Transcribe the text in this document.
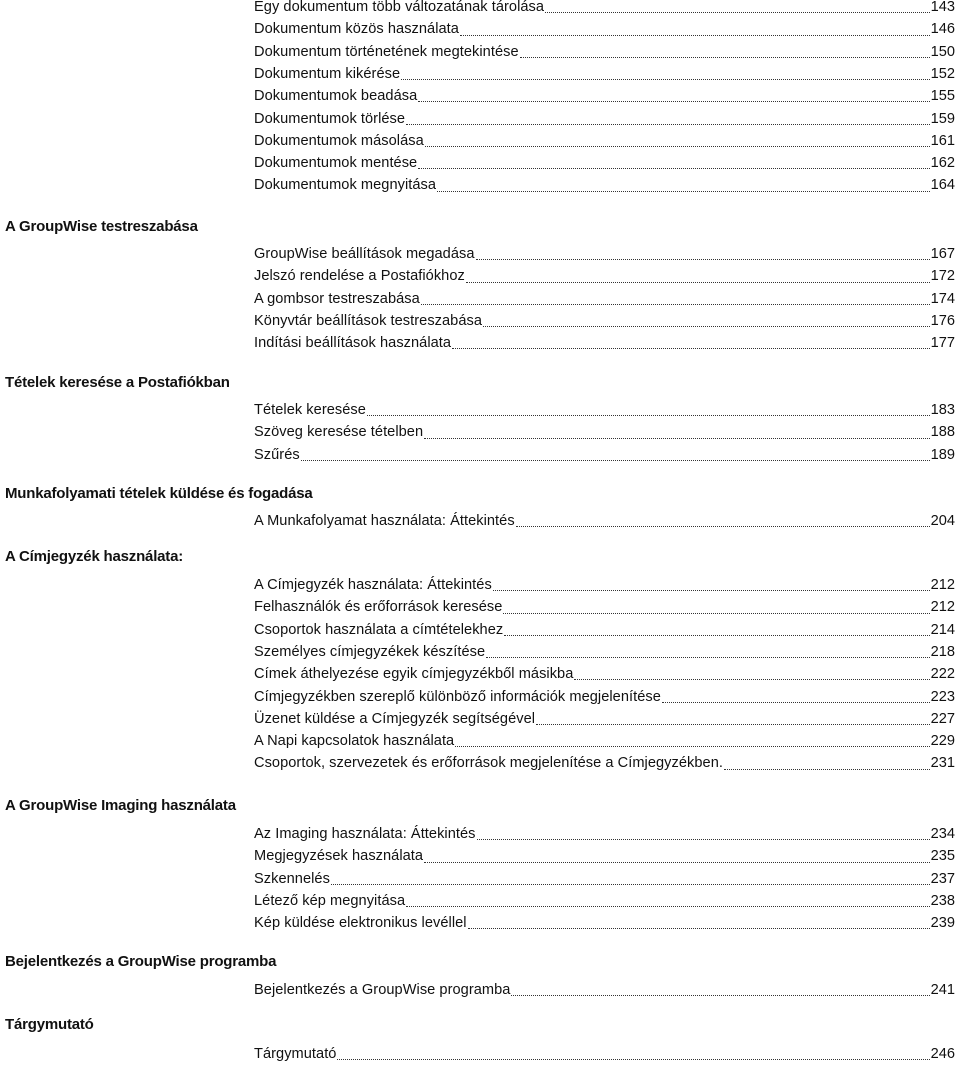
Egy dokumentum több változatának tárolása	143
Dokumentum közös használata	146
Dokumentum történetének megtekintése	150
Dokumentum kikérése	152
Dokumentumok beadása	155
Dokumentumok törlése	159
Dokumentumok másolása	161
Dokumentumok mentése	162
Dokumentumok megnyitása	164
A GroupWise testreszabása
GroupWise beállítások megadása	167
Jelszó rendelése a Postafiókhoz	172
A gombsor testreszabása	174
Könyvtár beállítások testreszabása	176
Indítási beállítások használata	177
Tételek keresése a Postafiókban
Tételek keresése	183
Szöveg keresése tételben	188
Szűrés	189
Munkafolyamati tételek küldése és fogadása
A Munkafolyamat használata: Áttekintés	204
A Címjegyzék használata:
A Címjegyzék használata: Áttekintés	212
Felhasználók és erőforrások keresése	212
Csoportok használata a címtételekhez	214
Személyes címjegyzékek készítése	218
Címek áthelyezése egyik címjegyzékből másikba	222
Címjegyzékben szereplő különböző információk megjelenítése	223
Üzenet küldése a Címjegyzék segítségével	227
A Napi kapcsolatok használata	229
Csoportok, szervezetek és erőforrások megjelenítése a Címjegyzékben.	231
A GroupWise Imaging használata
Az Imaging használata: Áttekintés	234
Megjegyzések használata	235
Szkennelés	237
Létező kép megnyitása	238
Kép küldése elektronikus levéllel	239
Bejelentkezés a GroupWise programba
Bejelentkezés a GroupWise programba	241
Tárgymutató
Tárgymutató	246
